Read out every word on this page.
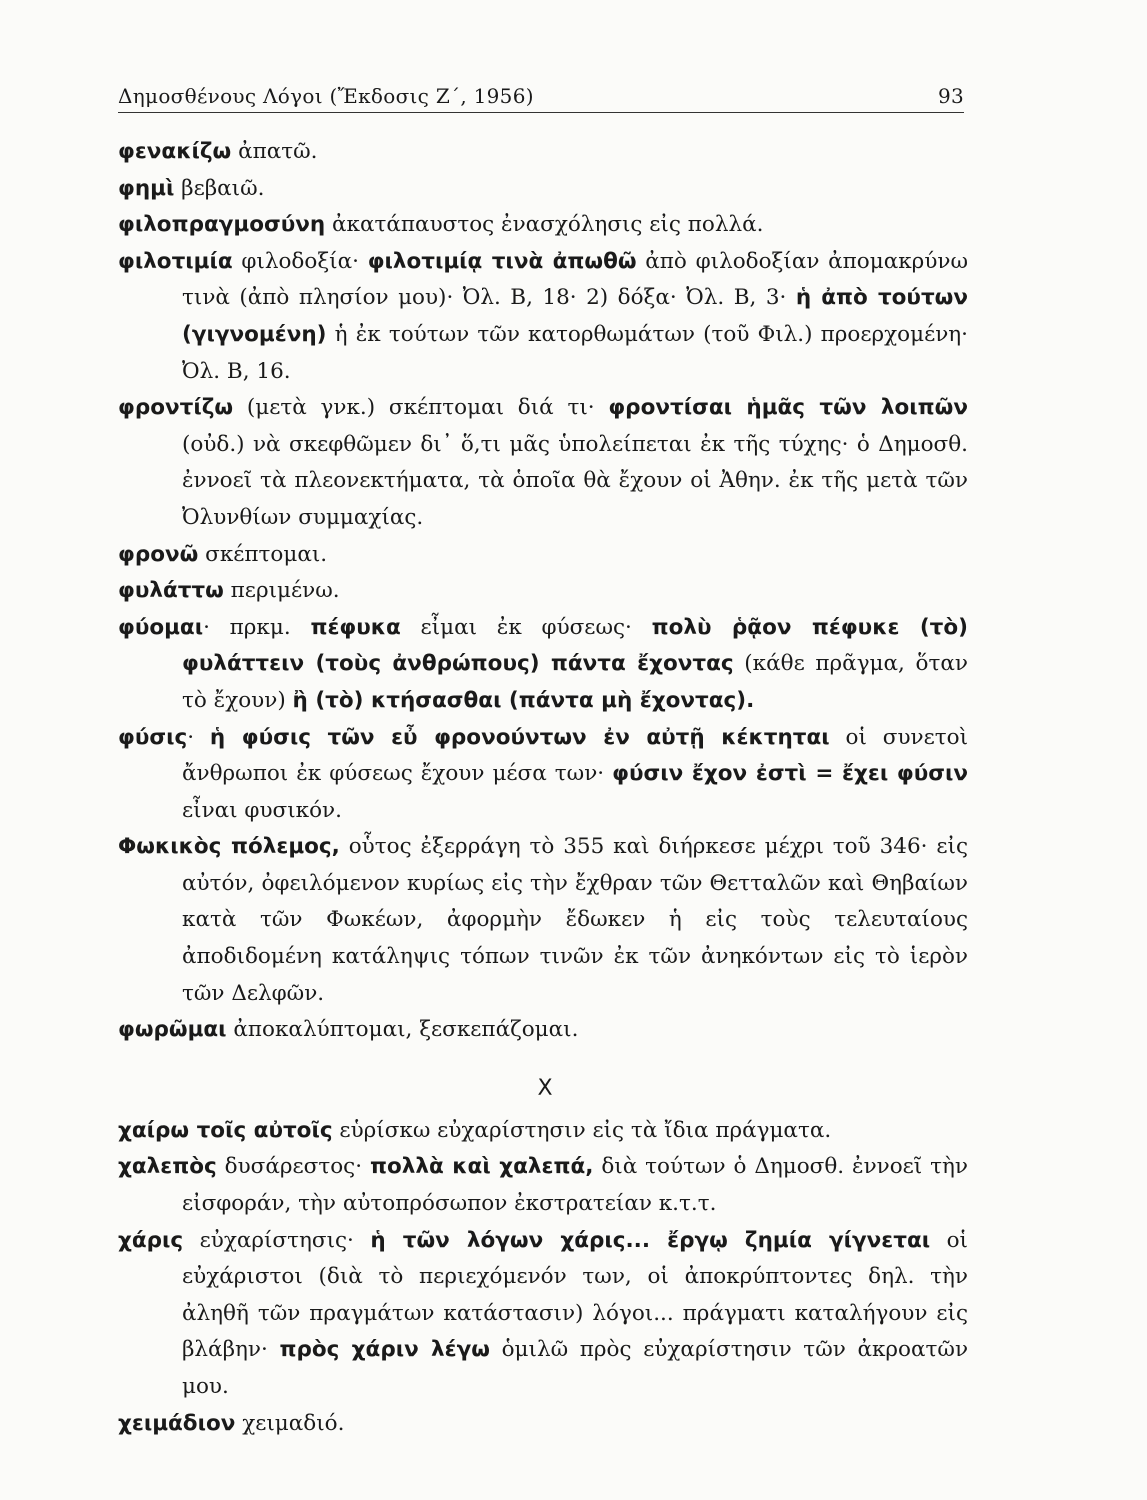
Δημοσθένους Λόγοι (Ἔκδοσις Ζ΄, 1956)	93

φενακίζω ἀπατῶ.

φημὶ βεβαιῶ.

φιλοπραγμοσύνη ἀκατάπαυστος ἐνασχόλησις εἰς πολλά.

φιλοτιμία φιλοδοξία· φιλοτιμίᾳ τινὰ ἀπωθῶ ἀπὸ φιλοδοξίαν ἀπομακρύνω τινὰ (ἀπὸ πλησίον μου)· Ὀλ. Β, 18· 2) δόξα· Ὀλ. Β, 3· ἡ ἀπὸ τούτων (γιγνομένη) ἡ ἐκ τούτων τῶν κατορθωμάτων (τοῦ Φιλ.) προερχομένη· Ὀλ. Β, 16.

φροντίζω (μετὰ γνκ.) σκέπτομαι διά τι· φροντίσαι ἡμᾶς τῶν λοιπῶν (οὐδ.) νὰ σκεφθῶμεν δι᾽ ὅ,τι μᾶς ὑπολείπεται ἐκ τῆς τύχης· ὁ Δημοσθ. ἐννοεῖ τὰ πλεονεκτήματα, τὰ ὁποῖα θὰ ἔχουν οἱ Ἀθην. ἐκ τῆς μετὰ τῶν Ὀλυνθίων συμμαχίας.

φρονῶ σκέπτομαι.

φυλάττω περιμένω.

φύομαι· πρκμ. πέφυκα εἶμαι ἐκ φύσεως· πολὺ ῥᾷον πέφυκε (τὸ) φυλάττειν (τοὺς ἀνθρώπους) πάντα ἔχοντας (κάθε πρᾶγμα, ὅταν τὸ ἔχουν) ἢ (τὸ) κτήσασθαι (πάντα μὴ ἔχοντας).

φύσις· ἡ φύσις τῶν εὖ φρονούντων ἐν αὐτῇ κέκτηται οἱ συνετοὶ ἄνθρωποι ἐκ φύσεως ἔχουν μέσα των· φύσιν ἔχον ἐστὶ = ἔχει φύσιν εἶναι φυσικόν.

Φωκικὸς πόλεμος, οὗτος ἐξερράγη τὸ 355 καὶ διήρκεσε μέχρι τοῦ 346· εἰς αὐτόν, ὀφειλόμενον κυρίως εἰς τὴν ἔχθραν τῶν Θετταλῶν καὶ Θηβαίων κατὰ τῶν Φωκέων, ἀφορμὴν ἔδωκεν ἡ εἰς τοὺς τελευταίους ἀποδιδομένη κατάληψις τόπων τινῶν ἐκ τῶν ἀνηκόντων εἰς τὸ ἱερὸν τῶν Δελφῶν.

φωρῶμαι ἀποκαλύπτομαι, ξεσκεπάζομαι.

Χ

χαίρω τοῖς αὐτοῖς εὑρίσκω εὐχαρίστησιν εἰς τὰ ἴδια πράγματα.

χαλεπὸς δυσάρεστος· πολλὰ καὶ χαλεπά, διὰ τούτων ὁ Δημοσθ. ἐννοεῖ τὴν εἰσφοράν, τὴν αὐτοπρόσωπον ἐκστρατείαν κ.τ.τ.

χάρις εὐχαρίστησις· ἡ τῶν λόγων χάρις... ἔργῳ ζημία γίγνεται οἱ εὐχάριστοι (διὰ τὸ περιεχόμενόν των, οἱ ἀποκρύπτοντες δηλ. τὴν ἀληθῆ τῶν πραγμάτων κατάστασιν) λόγοι... πράγματι καταλήγουν εἰς βλάβην· πρὸς χάριν λέγω ὁμιλῶ πρὸς εὐχαρίστησιν τῶν ἀκροατῶν μου.

χειμάδιον χειμαδιό.
